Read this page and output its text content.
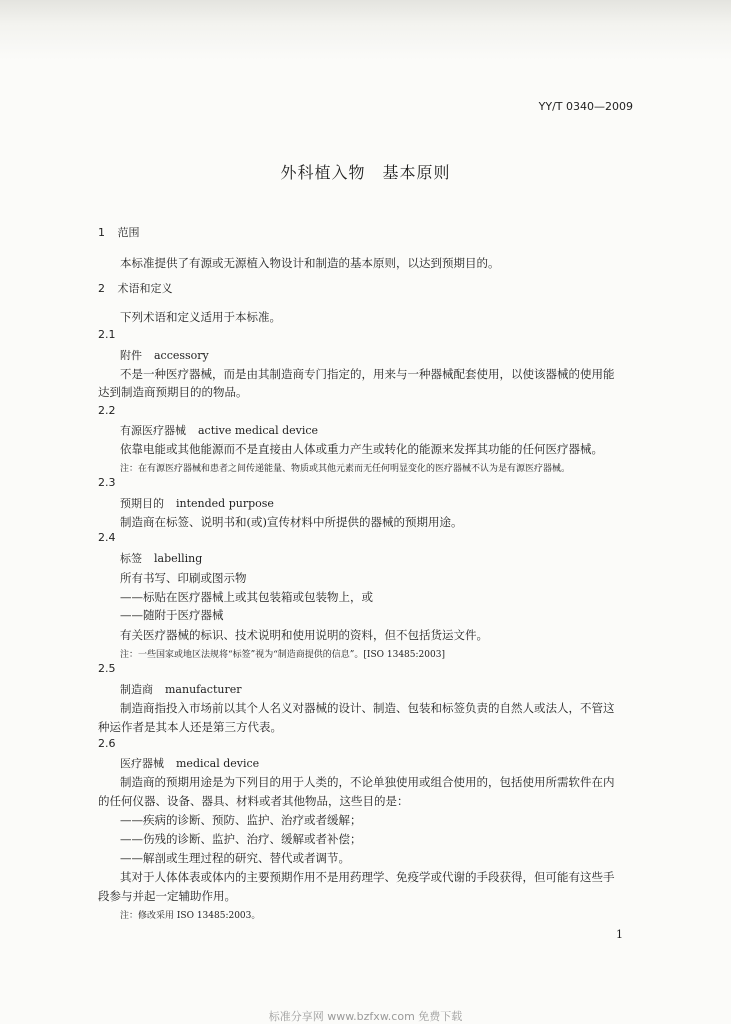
YY/T 0340—2009
外科植入物　基本原则
1 范围
本标准提供了有源或无源植入物设计和制造的基本原则，以达到预期目的。
2 术语和定义
下列术语和定义适用于本标准。
2.1
附件 accessory
不是一种医疗器械，而是由其制造商专门指定的，用来与一种器械配套使用，以使该器械的使用能
达到制造商预期目的的物品。
2.2
有源医疗器械 active medical device
依靠电能或其他能源而不是直接由人体或重力产生或转化的能源来发挥其功能的任何医疗器械。
注：在有源医疗器械和患者之间传递能量、物质或其他元素而无任何明显变化的医疗器械不认为是有源医疗器械。
2.3
预期目的 intended purpose
制造商在标签、说明书和(或)宣传材料中所提供的器械的预期用途。
2.4
标签 labelling
所有书写、印刷或图示物
——标贴在医疗器械上或其包装箱或包装物上，或
——随附于医疗器械
有关医疗器械的标识、技术说明和使用说明的资料，但不包括货运文件。
注：一些国家或地区法规将“标签”视为“制造商提供的信息”。[ISO 13485:2003]
2.5
制造商 manufacturer
制造商指投入市场前以其个人名义对器械的设计、制造、包装和标签负责的自然人或法人，不管这
种运作者是其本人还是第三方代表。
2.6
医疗器械 medical device
制造商的预期用途是为下列目的用于人类的，不论单独使用或组合使用的，包括使用所需软件在内
的任何仪器、设备、器具、材料或者其他物品，这些目的是：
——疾病的诊断、预防、监护、治疗或者缓解；
——伤残的诊断、监护、治疗、缓解或者补偿；
——解剖或生理过程的研究、替代或者调节。
其对于人体体表或体内的主要预期作用不是用药理学、免疫学或代谢的手段获得，但可能有这些手
段参与并起一定辅助作用。
注：修改采用 ISO 13485:2003。
1
标准分享网 www.bzfxw.com 免费下载
